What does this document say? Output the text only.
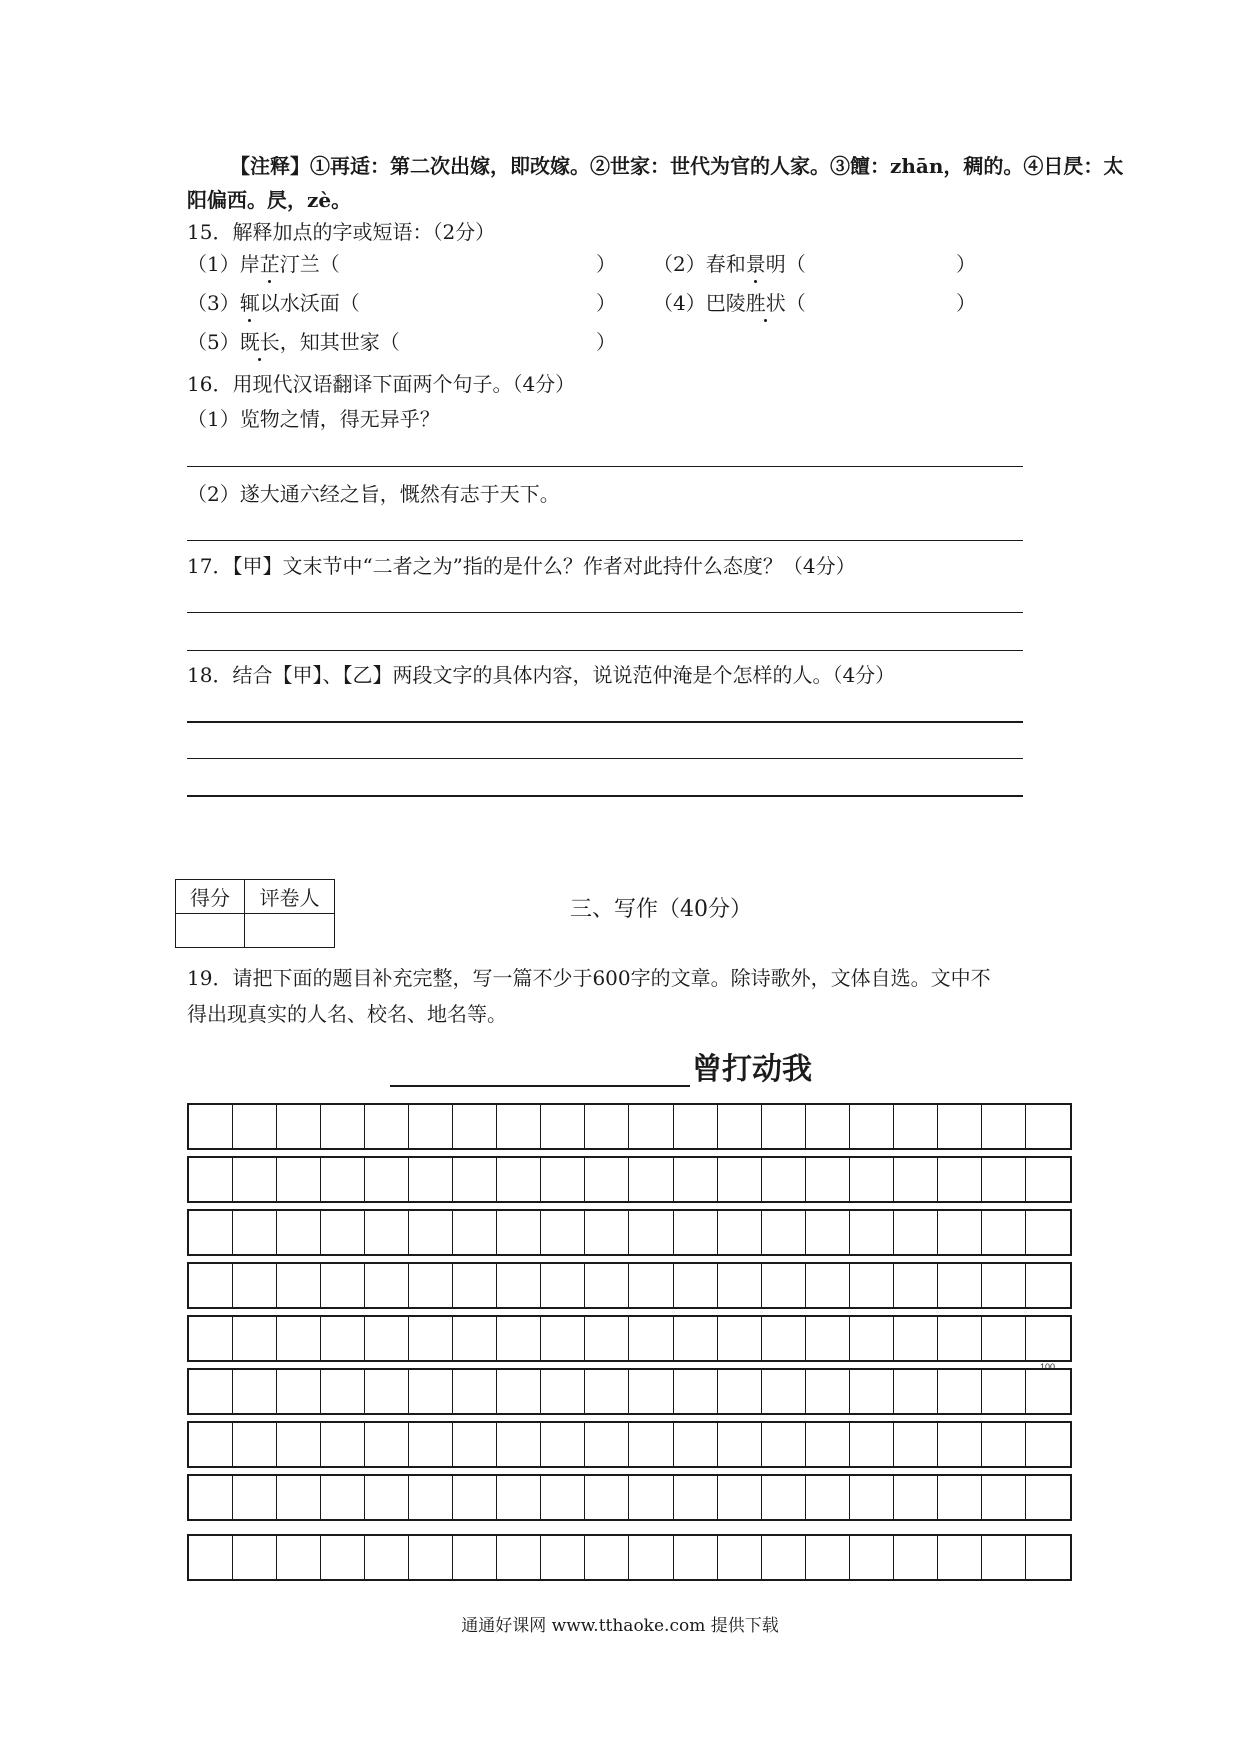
【注释】①再适：第二次出嫁，即改嫁。②世家：世代为官的人家。③饘：zhān，稠的。④日昃：太
阳偏西。昃，zè。
15．解释加点的字或短语：（2分）
（1）岸芷汀兰（	） （2）春和景明（	）
（3）辄以水沃面（	） （4）巴陵胜状（	）
（5）既长，知其世家（	）
16．用现代汉语翻译下面两个句子。（4分）
（1）览物之情，得无异乎？
（2）遂大通六经之旨，慨然有志于天下。
17．【甲】文末节中“二者之为”指的是什么？作者对此持什么态度？（4分）
18．结合【甲】、【乙】两段文字的具体内容，说说范仲淹是个怎样的人。（4分）
得分	评卷人
		三、写作（40分）
19．请把下面的题目补充完整，写一篇不少于600字的文章。除诗歌外，文体自选。文中不
得出现真实的人名、校名、地名等。
曾打动我
100
通通好课网 www.tthaoke.com 提供下载
